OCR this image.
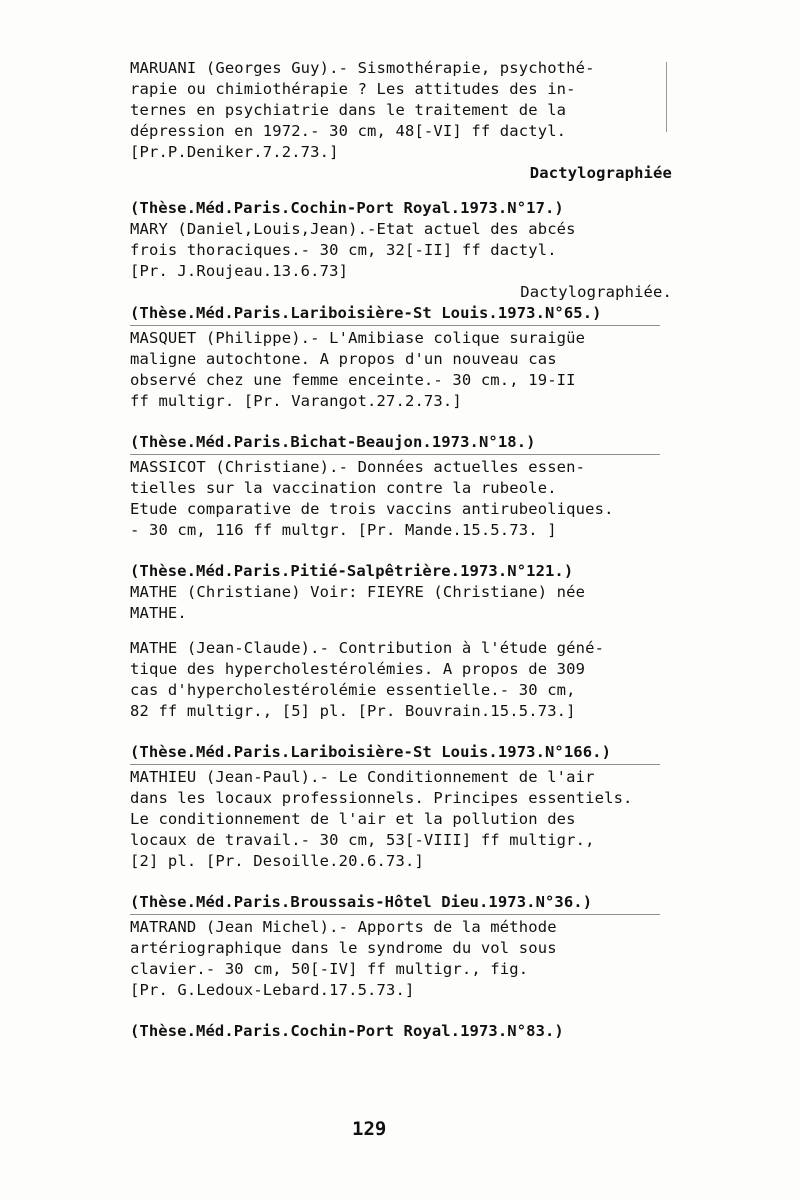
MARUANI (Georges Guy).- Sismothérapie, psychothé-
rapie ou chimiothérapie ? Les attitudes des in-
ternes en psychiatrie dans le traitement de la
dépression en 1972.- 30 cm, 48[-VI] ff dactyl.
[Pr.P.Deniker.7.2.73.]
Dactylographiée
(Thèse.Méd.Paris.Cochin-Port Royal.1973.N°17.)
MARY (Daniel,Louis,Jean).-Etat actuel des abcés
frois thoraciques.- 30 cm, 32[-II] ff dactyl.
[Pr. J.Roujeau.13.6.73]
Dactylographiée.
(Thèse.Méd.Paris.Lariboisière-St Louis.1973.N°65.)
MASQUET (Philippe).- L'Amibiase colique suraigüe
maligne autochtone. A propos d'un nouveau cas
observé chez une femme enceinte.- 30 cm., 19-II
ff multigr. [Pr. Varangot.27.2.73.]
(Thèse.Méd.Paris.Bichat-Beaujon.1973.N°18.)
MASSICOT (Christiane).- Données actuelles essen-
tielles sur la vaccination contre la rubeole.
Etude comparative de trois vaccins antirubeoliques.
- 30 cm, 116 ff multgr. [Pr. Mande.15.5.73. ]
(Thèse.Méd.Paris.Pitié-Salpêtrière.1973.N°121.)
MATHE (Christiane) Voir: FIEYRE (Christiane) née
MATHE.
MATHE (Jean-Claude).- Contribution à l'étude géné-
tique des hypercholestérolémies. A propos de 309
cas d'hypercholestérolémie essentielle.- 30 cm,
82 ff multigr., [5] pl. [Pr. Bouvrain.15.5.73.]
(Thèse.Méd.Paris.Lariboisière-St Louis.1973.N°166.)
MATHIEU (Jean-Paul).- Le Conditionnement de l'air
dans les locaux professionnels. Principes essentiels.
Le conditionnement de l'air et la pollution des
locaux de travail.- 30 cm, 53[-VIII] ff multigr.,
[2] pl. [Pr. Desoille.20.6.73.]
(Thèse.Méd.Paris.Broussais-Hôtel Dieu.1973.N°36.)
MATRAND (Jean Michel).- Apports de la méthode
artériographique dans le syndrome du vol sous
clavier.- 30 cm, 50[-IV] ff multigr., fig.
[Pr. G.Ledoux-Lebard.17.5.73.]
(Thèse.Méd.Paris.Cochin-Port Royal.1973.N°83.)
129
